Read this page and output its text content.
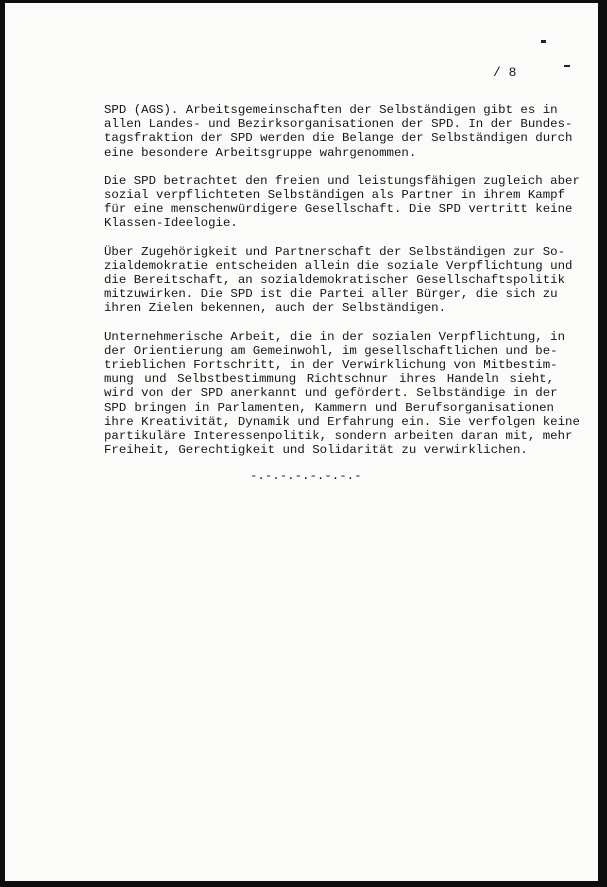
/ 8
SPD (AGS). Arbeitsgemeinschaften der Selbständigen gibt es in
allen Landes- und Bezirksorganisationen der SPD. In der Bundes-
tagsfraktion der SPD werden die Belange der Selbständigen durch
eine besondere Arbeitsgruppe wahrgenommen.
Die SPD betrachtet den freien und leistungsfähigen zugleich aber
sozial verpflichteten Selbständigen als Partner in ihrem Kampf
für eine menschenwürdigere Gesellschaft. Die SPD vertritt keine
Klassen-Ideelogie.
Über Zugehörigkeit und Partnerschaft der Selbständigen zur So-
zialdemokratie entscheiden allein die soziale Verpflichtung und
die Bereitschaft, an sozialdemokratischer Gesellschaftspolitik
mitzuwirken. Die SPD ist die Partei aller Bürger, die sich zu
ihren Zielen bekennen, auch der Selbständigen.
Unternehmerische Arbeit, die in der sozialen Verpflichtung, in
der Orientierung am Gemeinwohl, im gesellschaftlichen und be-
trieblichen Fortschritt, in der Verwirklichung von Mitbestim-
mung und Selbstbestimmung Richtschnur ihres Handeln sieht,
wird von der SPD anerkannt und gefördert. Selbständige in der
SPD bringen in Parlamenten, Kammern und Berufsorganisationen
ihre Kreativität, Dynamik und Erfahrung ein. Sie verfolgen keine
partikuläre Interessenpolitik, sondern arbeiten daran mit, mehr
Freiheit, Gerechtigkeit und Solidarität zu verwirklichen.
-.-.-.-.-.-.-.-
